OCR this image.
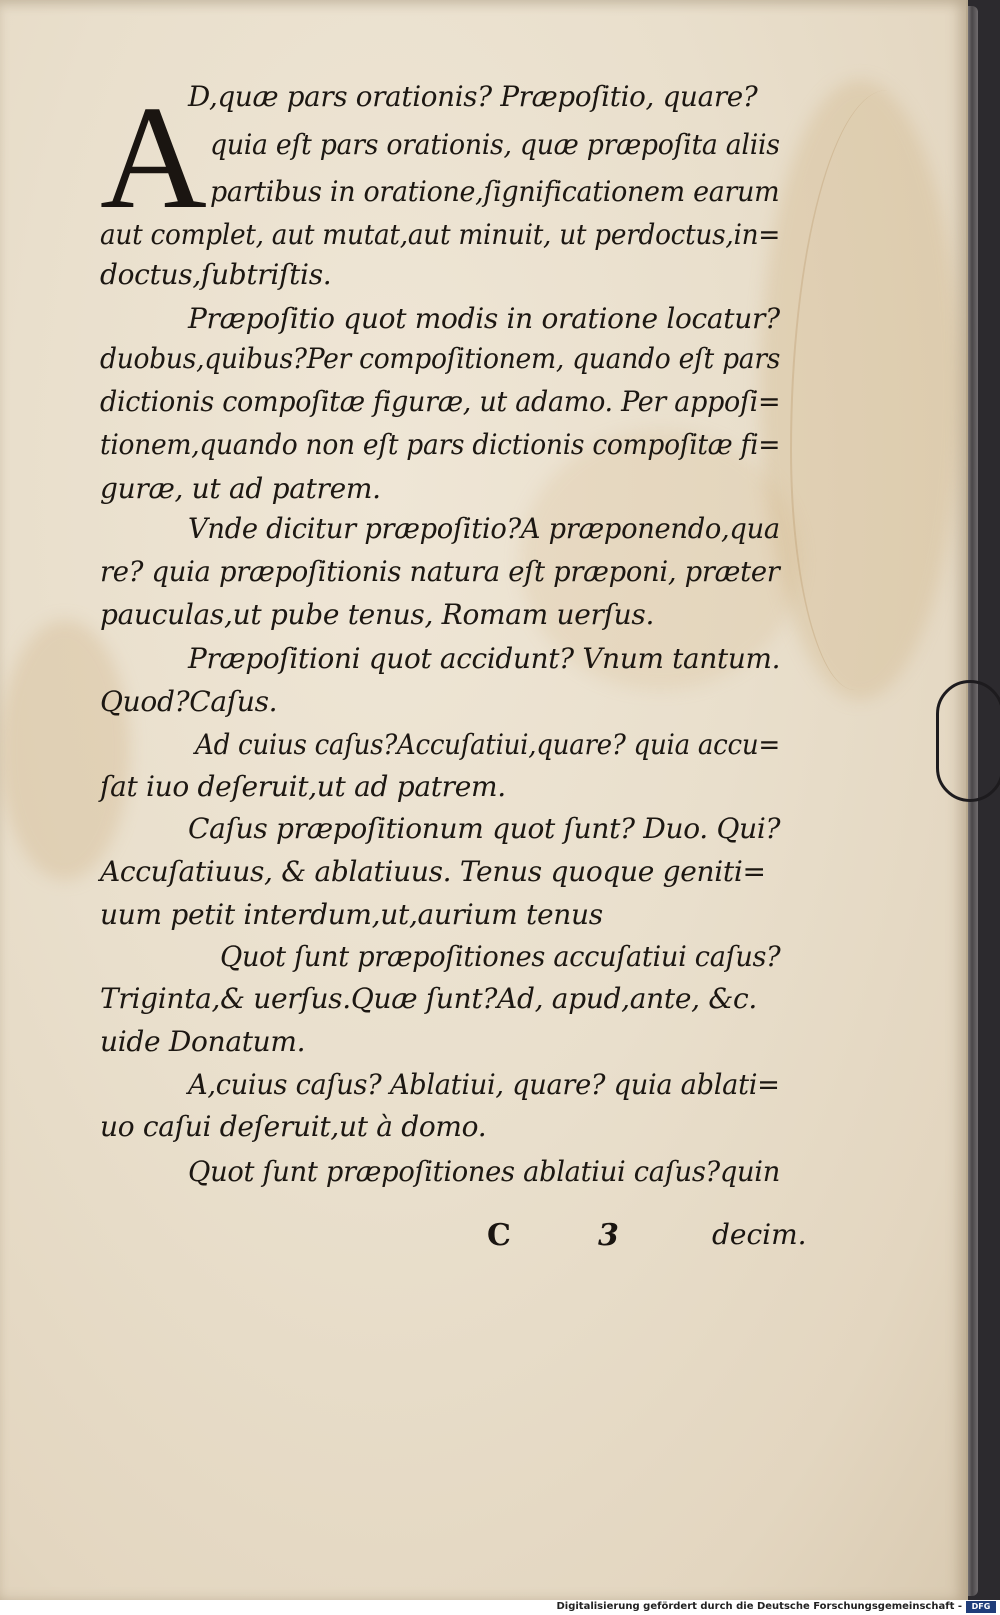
A
D,quæ pars orationis? Præpoſitio, quare?
quia eſt pars orationis, quæ præpoſita aliis
partibus in oratione,ſignificationem earum
aut complet, aut mutat,aut minuit, ut perdoctus,in=
doctus,ſubtriſtis.
Præpoſitio quot modis in oratione locatur?
duobus,quibus?Per compoſitionem, quando eſt pars
dictionis compoſitæ figuræ, ut adamo. Per appoſi=
tionem,quando non eſt pars dictionis compoſitæ fi=
guræ, ut ad patrem.
Vnde dicitur præpoſitio?A præponendo,qua
re? quia præpoſitionis natura eſt præponi, præter
pauculas,ut pube tenus, Romam uerſus.
Præpoſitioni quot accidunt? Vnum tantum.
Quod?Caſus.
Ad cuius caſus?Accuſatiui,quare? quia accu=
ſat iuo deſeruit,ut ad patrem.
Caſus præpoſitionum quot ſunt? Duo. Qui?
Accuſatiuus, & ablatiuus. Tenus quoque geniti=
uum petit interdum,ut,aurium tenus
Quot ſunt præpoſitiones accuſatiui caſus?
Triginta,& uerſus.Quæ ſunt?Ad, apud,ante, &c.
uide Donatum.
A,cuius caſus? Ablatiui, quare? quia ablati=
uo caſui deſeruit,ut à domo.
Quot ſunt præpoſitiones ablatiui caſus?quin
C	3	decim.
Digitalisierung gefördert durch die Deutsche Forschungsgemeinschaft -	DFG
